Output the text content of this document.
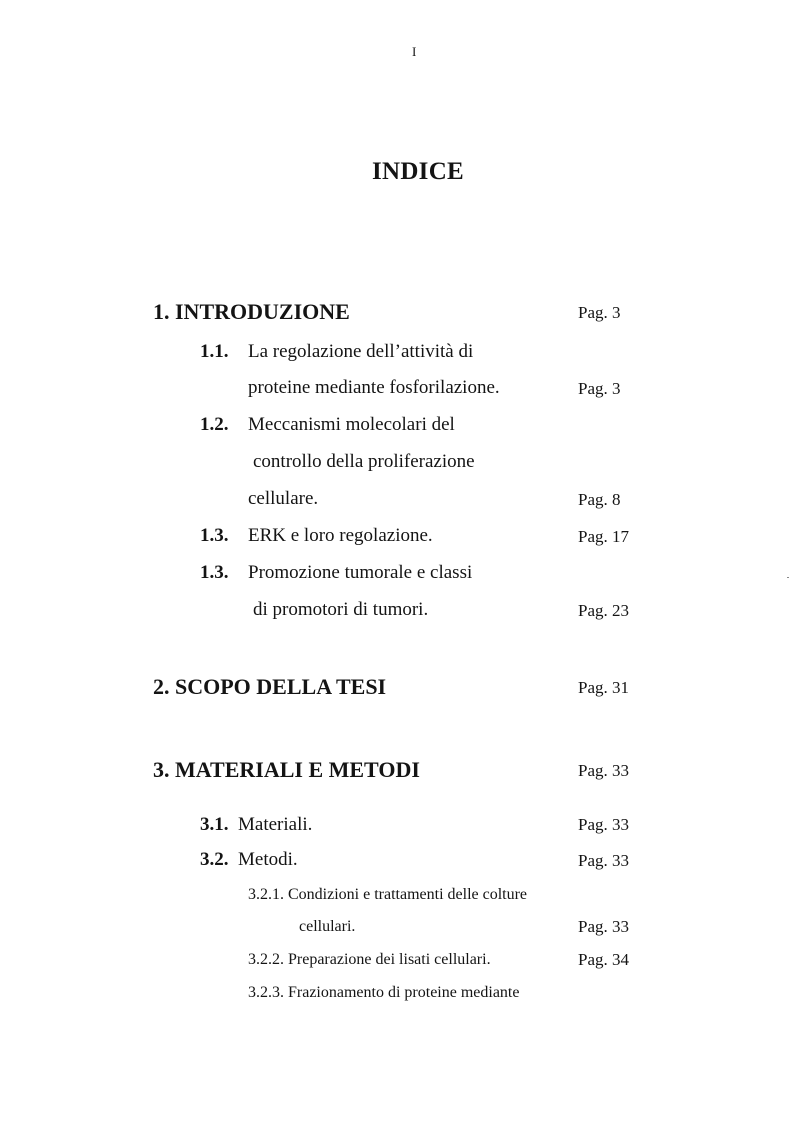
I
INDICE
1. INTRODUZIONE	Pag. 3
1.1. La regolazione dell’attività di
proteine mediante fosforilazione.	Pag. 3
1.2. Meccanismi molecolari del
controllo della proliferazione
cellulare.	Pag. 8
1.3. ERK e loro regolazione.	Pag. 17
1.3. Promozione tumorale e classi
di promotori di tumori.	Pag. 23
2. SCOPO DELLA TESI	Pag. 31
3. MATERIALI E METODI	Pag. 33
3.1. Materiali.	Pag. 33
3.2. Metodi.	Pag. 33
3.2.1. Condizioni e trattamenti delle colture
cellulari.	Pag. 33
3.2.2. Preparazione dei lisati cellulari.	Pag. 34
3.2.3. Frazionamento di proteine mediante
